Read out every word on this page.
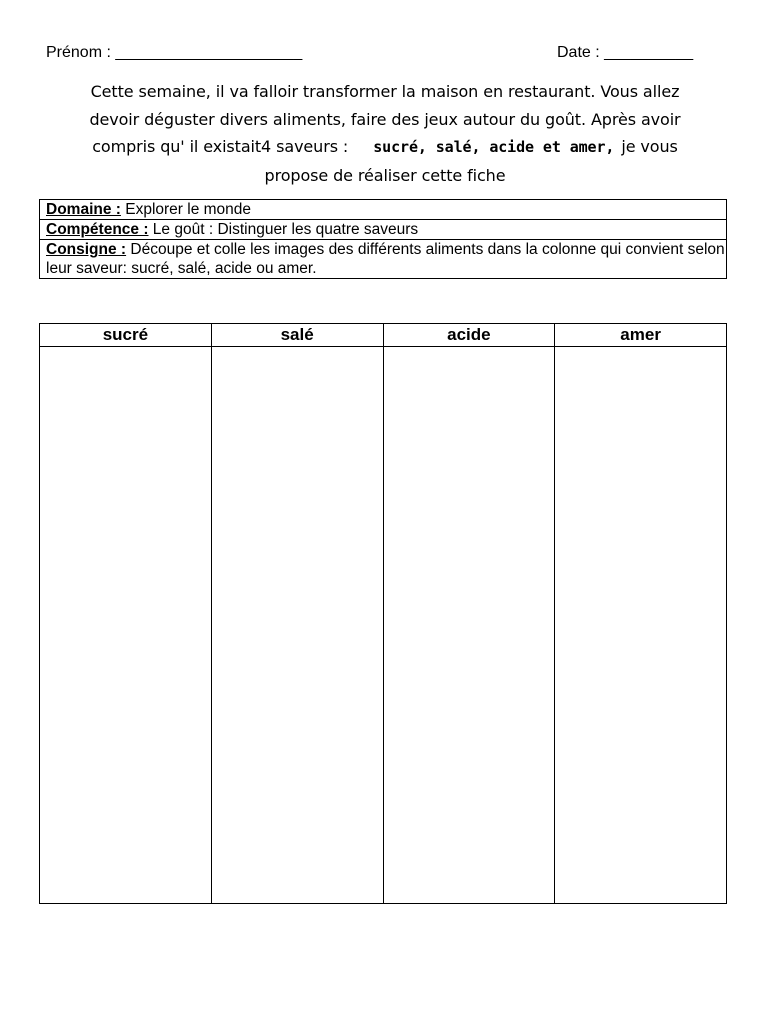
Prénom : _____________________	Date : __________
Cette semaine, il va falloir transformer la maison en restaurant. Vous allez
devoir déguster divers aliments, faire des jeux autour du goût. Après avoir
compris qu' il existait4 saveurs : sucré, salé, acide et amer, je vous
propose de réaliser cette fiche
Domaine : Explorer le monde
Compétence : Le goût : Distinguer les quatre saveurs
Consigne : Découpe et colle les images des différents aliments dans la colonne qui convient selon leur saveur: sucré, salé, acide ou amer.
sucré	salé	acide	amer
